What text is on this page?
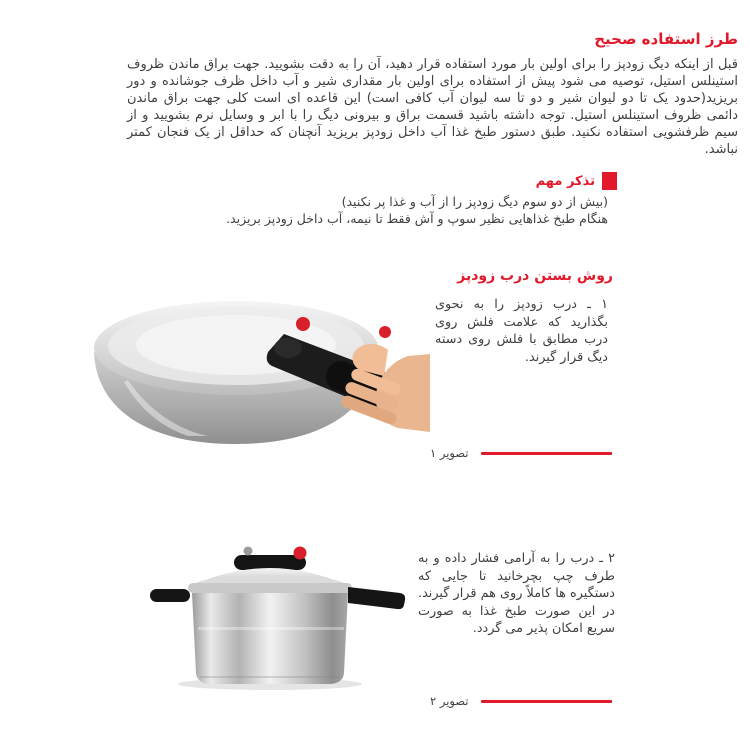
طرز استفاده صحیح
قبل از اینکه دیگ زودپز را برای اولین بار مورد استفاده قرار دهید، آن را به دقت بشویید. جهت براق ماندن ظروف استینلس استیل، توصیه می شود پیش از استفاده برای اولین بار مقداری شیر و آب داخل ظرف جوشانده و دور بریزید(حدود یک تا دو لیوان شیر و دو تا سه لیوان آب کافی است) این قاعده ای است کلی جهت براق ماندن دائمی ظروف استینلس استیل. توجه داشته باشید قسمت براق و بیرونی دیگ را با ابر و وسایل نرم بشویید و از سیم ظرفشویی استفاده نکنید. طبق دستور طبخ غذا آب داخل زودپز بریزید آنچنان که حداقل از یک فنجان کمتر نباشد.
تذکر مهم
(بیش از دو سوم دیگ زودپز را از آب و غذا پر نکنید)
هنگام طبخ غذاهایی نظیر سوپ و آش فقط تا نیمه، آب داخل زودپز بریزید.
روش بستن درب زودپز
۱ ـ درب زودپز را به نحوی بگذارید که علامت فلش روی درب مطابق با فلش روی دسته دیگ قرار گیرند.
تصویر ۱
۲ ـ درب را به آرامی فشار داده و به طرف چپ بچرخانید تا جایی که دستگیره ها کاملاً روی هم قرار گیرند. در این صورت طبخ غذا به صورت سریع امکان پذیر می گردد.
تصویر ۲
